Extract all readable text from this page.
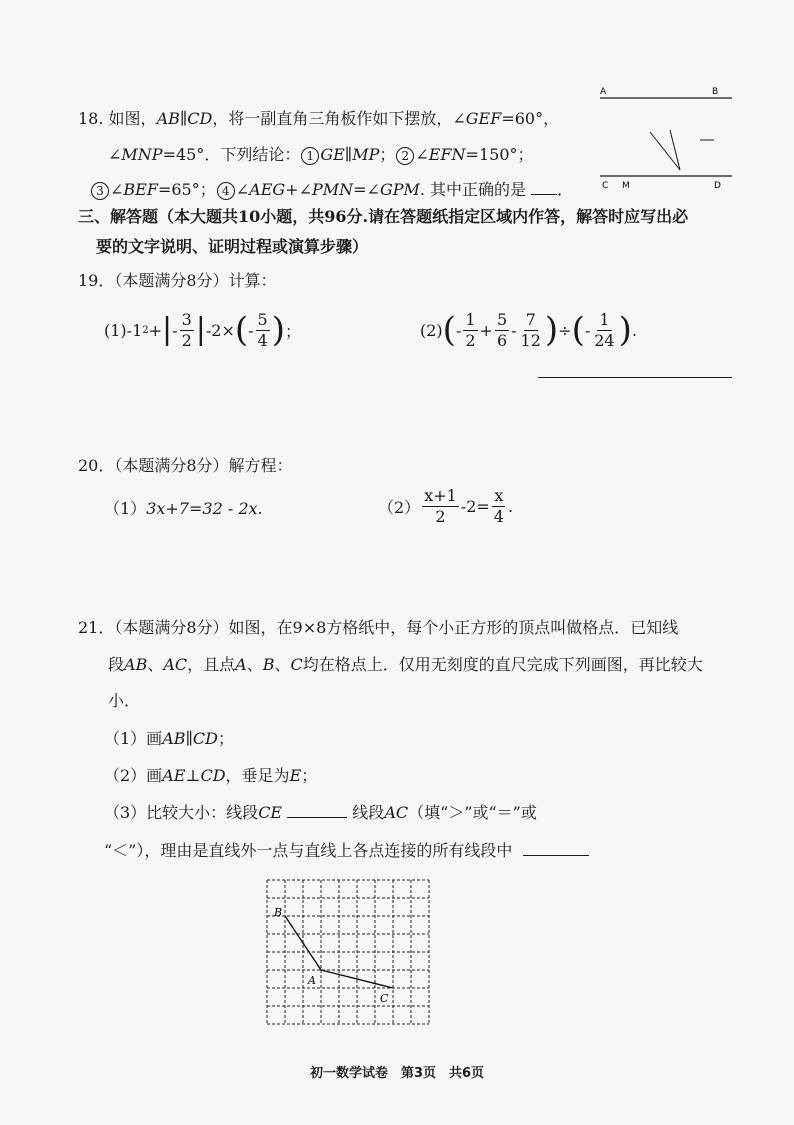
18. 如图，AB∥CD，将一副直角三角板作如下摆放，∠GEF=60°，
∠MNP=45°．下列结论： 1 GE∥MP； 2 ∠EFN=150°；
3 ∠BEF=65°； 4 ∠AEG+∠PMN=∠GPM. 其中正确的是 ．
A	B
C M	D
三、解答题（本大题共10小题，共96分.请在答题纸指定区域内作答，解答时应写出必
要的文字说明、证明过程或演算步骤）
19．（本题满分8分）计算：
(1) -1 2 + | - $\frac{3}{2}$ | -2× ( - $\frac{5}{4}$ ) ；	(2) ( - $\frac{1}{2} + \frac{5}{6} - \frac{7}{12}$ ) ÷ ( - $\frac{1}{24}$ ) .
20．（本题满分8分）解方程：
（1）3x+7=32 - 2x.	$(2) \frac{x+1}{2} -2= \frac{x}{4}$ .
21．（本题满分8分）如图，在9×8方格纸中，每个小正方形的顶点叫做格点．已知线
段AB、AC，且点A、B、C均在格点上．仅用无刻度的直尺完成下列画图，再比较大
小．
（1）画AB∥CD；
（2）画AE⊥CD，垂足为E；
（3）比较大小：线段CE	线段AC（填“＞”或“＝”或
“＜”），理由是直线外一点与直线上各点连接的所有线段中
B
A
C
初一数学试卷　第3页　共6页
